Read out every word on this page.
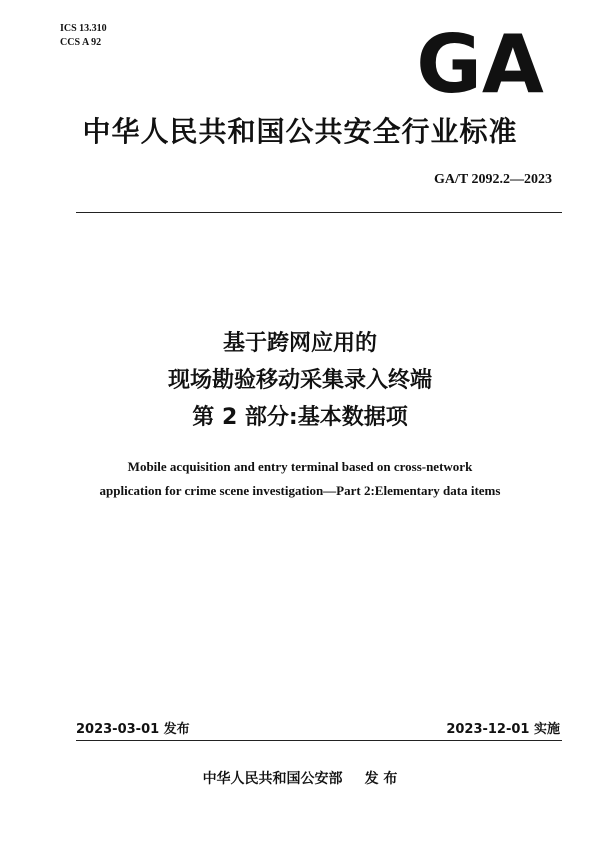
ICS 13.310
CCS A 92	GA
中华人民共和国公共安全行业标准
GA/T 2092.2—2023
基于跨网应用的
现场勘验移动采集录入终端
第 2 部分:基本数据项
Mobile acquisition and entry terminal based on cross-network
application for crime scene investigation—Part 2:Elementary data items
2023-03-01 发布	2023-12-01 实施
中华人民共和国公安部 发 布
